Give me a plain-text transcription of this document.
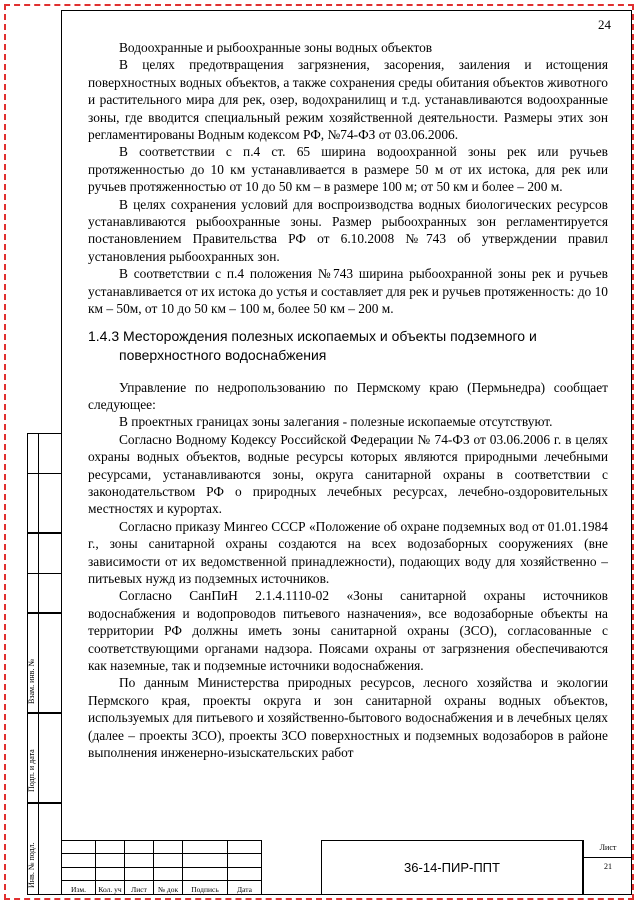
24

Водоохранные и рыбоохранные зоны водных объектов

В целях предотвращения загрязнения, засорения, заиления и истощения поверхностных водных объектов, а также сохранения среды обитания объектов животного и растительного мира для рек, озер, водохранилищ и т.д. устанавливаются водоохранные зоны, где вводится специальный режим хозяйственной деятельности. Размеры этих зон регламентированы Водным кодексом РФ, №74-ФЗ от 03.06.2006.

В соответствии с п.4 ст. 65 ширина водоохранной зоны рек или ручьев протяженностью до 10 км устанавливается в размере 50 м от их истока, для рек или ручьев протяженностью от 10 до 50 км – в размере 100 м; от 50 км и более – 200 м.

В целях сохранения условий для воспроизводства водных биологических ресурсов устанавливаются рыбоохранные зоны. Размер рыбоохранных зон регламентируется постановлением Правительства РФ от 6.10.2008 №743 об утверждении правил установления рыбоохранных зон.

В соответствии с п.4 положения №743 ширина рыбоохранной зоны рек и ручьев устанавливается от их истока до устья и составляет для рек и ручьев протяженность: до 10 км – 50м, от 10 до 50 км – 100 м, более 50 км – 200 м.

1.4.3 Месторождения полезных ископаемых и объекты подземного и
поверхностного водоснабжения

Управление по недропользованию по Пермскому краю (Пермьнедра) сообщает следующее:

В проектных границах зоны залегания - полезные ископаемые отсутствуют.

Согласно Водному Кодексу Российской Федерации № 74-ФЗ от 03.06.2006 г. в целях охраны водных объектов, водные ресурсы которых являются природными лечебными ресурсами, устанавливаются зоны, округа санитарной охраны в соответствии с законодательством РФ о природных лечебных ресурсах, лечебно-оздоровительных местностях и курортах.

Согласно приказу Мингео СССР «Положение об охране подземных вод от 01.01.1984 г., зоны санитарной охраны создаются на всех водозаборных сооружениях (вне зависимости от их ведомственной принадлежности), подающих воду для хозяйственно – питьевых нужд из подземных источников.

Согласно СанПиН 2.1.4.1110-02 «Зоны санитарной охраны источников водоснабжения и водопроводов питьевого назначения», все водозаборные объекты на территории РФ должны иметь зоны санитарной охраны (ЗСО), согласованные с соответствующими органами надзора. Поясами охраны от загрязнения обеспечиваются как наземные, так и подземные источники водоснабжения.

По данным Министерства природных ресурсов, лесного хозяйства и экологии Пермского края, проекты округа и зон санитарной охраны водных объектов, используемых для питьевого и хозяйственно-бытового водоснабжения и в лечебных целях (далее – проекты ЗСО), проекты ЗСО поверхностных и подземных водозаборов в районе выполнения инженерно-изыскательских работ

Взам. инв. №
Подп. и дата
Инв. № подл.

Изм.	Кол. уч	Лист	№ док	Подпись	Дата
36-14-ПИР-ППТ
Лист
21
